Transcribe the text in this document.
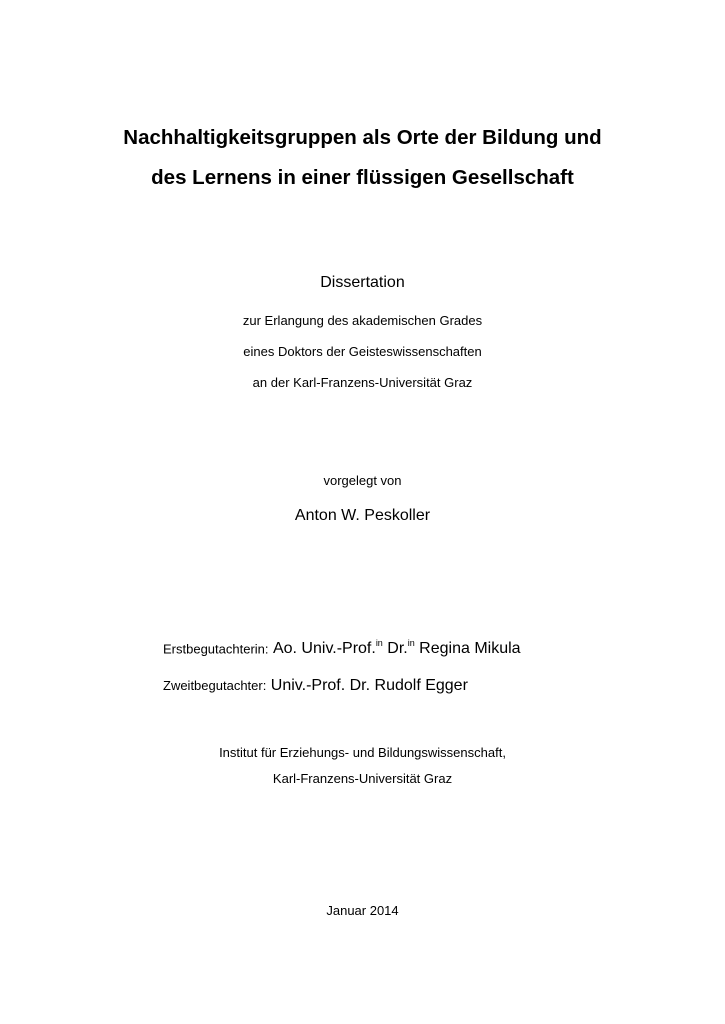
Nachhaltigkeitsgruppen als Orte der Bildung und
des Lernens in einer flüssigen Gesellschaft
Dissertation
zur Erlangung des akademischen Grades
eines Doktors der Geisteswissenschaften
an der Karl-Franzens-Universität Graz
vorgelegt von
Anton W. Peskoller
Erstbegutachterin: Ao. Univ.-Prof.$^{in}$ Dr.$^{in}$ Regina Mikula
Zweitbegutachter: Univ.-Prof. Dr. Rudolf Egger
Institut für Erziehungs- und Bildungswissenschaft,
Karl-Franzens-Universität Graz
Januar 2014
